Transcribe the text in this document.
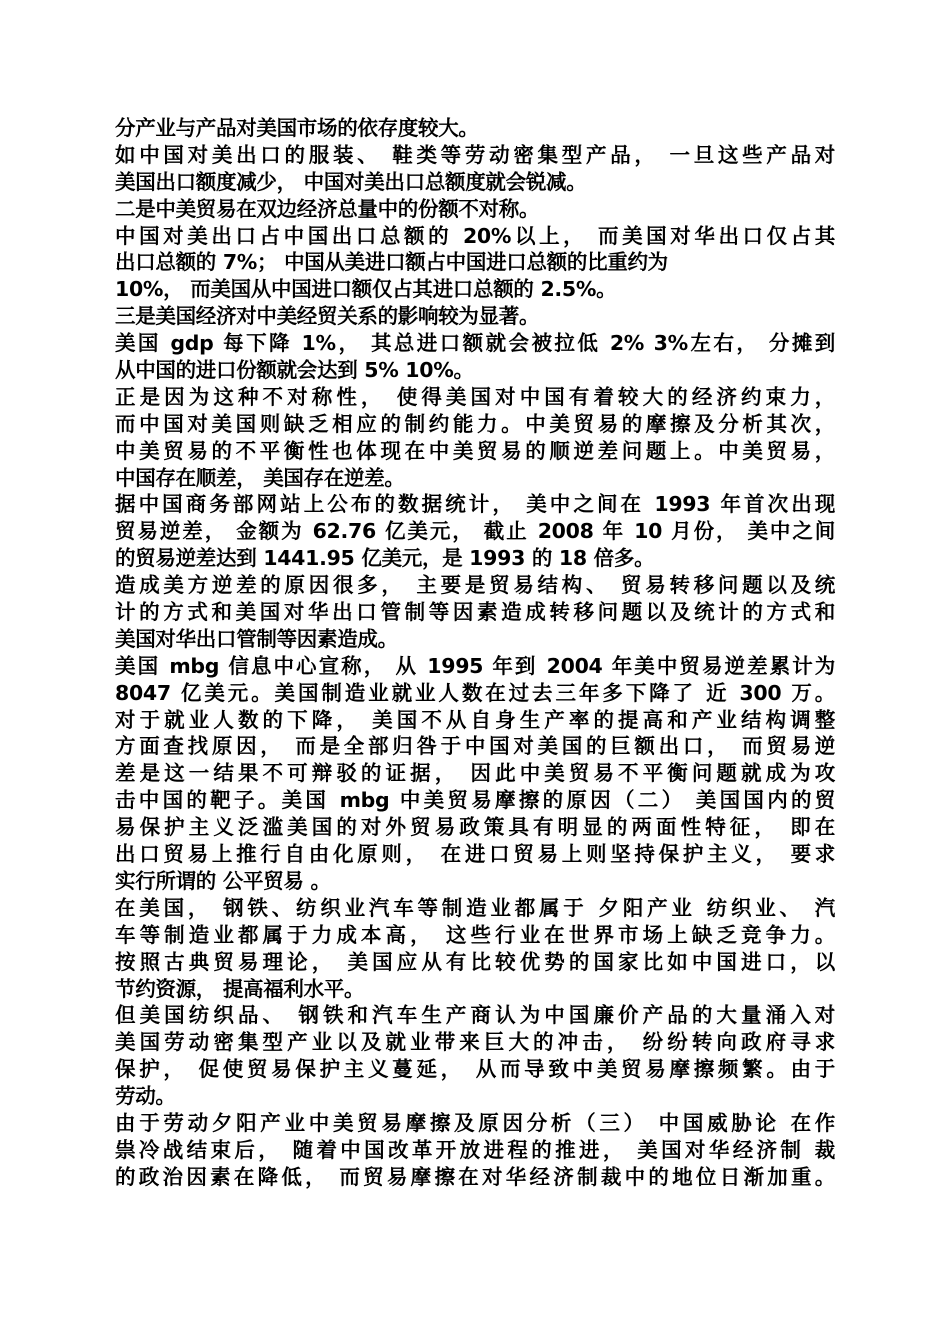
分产业与产品对美国市场的依存度较大。
如中国对美出口的服装、 鞋类等劳动密集型产品， 一旦这些产品对
美国出口额度减少， 中国对美出口总额度就会锐减。
二是中美贸易在双边经济总量中的份额不对称。
中国对美出口占中国出口总额的 20%以上， 而美国对华出口仅占其
出口总额的 7%； 中国从美进口额占中国进口总额的比重约为
10%， 而美国从中国进口额仅占其进口总额的 2.5%。
三是美国经济对中美经贸关系的影响较为显著。
美国 gdp 每下降 1%， 其总进口额就会被拉低 2% 3%左右， 分摊到
从中国的进口份额就会达到 5% 10%。
正是因为这种不对称性， 使得美国对中国有着较大的经济约束力，
而中国对美国则缺乏相应的制约能力。中美贸易的摩擦及分析其次，
中美贸易的不平衡性也体现在中美贸易的顺逆差问题上。中美贸易，
中国存在顺差， 美国存在逆差。
据中国商务部网站上公布的数据统计， 美中之间在 1993 年首次出现
贸易逆差， 金额为 62.76 亿美元， 截止 2008 年 10 月份， 美中之间
的贸易逆差达到 1441.95 亿美元，是 1993 的 18 倍多。
造成美方逆差的原因很多， 主要是贸易结构、 贸易转移问题以及统
计的方式和美国对华出口管制等因素造成转移问题以及统计的方式和
美国对华出口管制等因素造成。
美国 mbg 信息中心宣称， 从 1995 年到 2004 年美中贸易逆差累计为
8047 亿美元。美国制造业就业人数在过去三年多下降了 近 300 万。
对于就业人数的下降， 美国不从自身生产率的提高和产业结构调整
方面查找原因， 而是全部归咎于中国对美国的巨额出口， 而贸易逆
差是这一结果不可辩驳的证据， 因此中美贸易不平衡问题就成为攻
击中国的靶子。美国 mbg 中美贸易摩擦的原因（二） 美国国内的贸
易保护主义泛滥美国的对外贸易政策具有明显的两面性特征， 即在
出口贸易上推行自由化原则， 在进口贸易上则坚持保护主义， 要求
实行所谓的 公平贸易 。
在美国， 钢铁、纺织业汽车等制造业都属于 夕阳产业 纺织业、 汽
车等制造业都属于力成本高， 这些行业在世界市场上缺乏竞争力。
按照古典贸易理论， 美国应从有比较优势的国家比如中国进口，以
节约资源， 提高福利水平。
但美国纺织品、 钢铁和汽车生产商认为中国廉价产品的大量涌入对
美国劳动密集型产业以及就业带来巨大的冲击， 纷纷转向政府寻求
保护， 促使贸易保护主义蔓延， 从而导致中美贸易摩擦频繁。由于
劳动。
由于劳动夕阳产业中美贸易摩擦及原因分析（三） 中国威胁论 在作
祟冷战结束后， 随着中国改革开放进程的推进， 美国对华经济制 裁
的政治因素在降低， 而贸易摩擦在对华经济制裁中的地位日渐加重。
